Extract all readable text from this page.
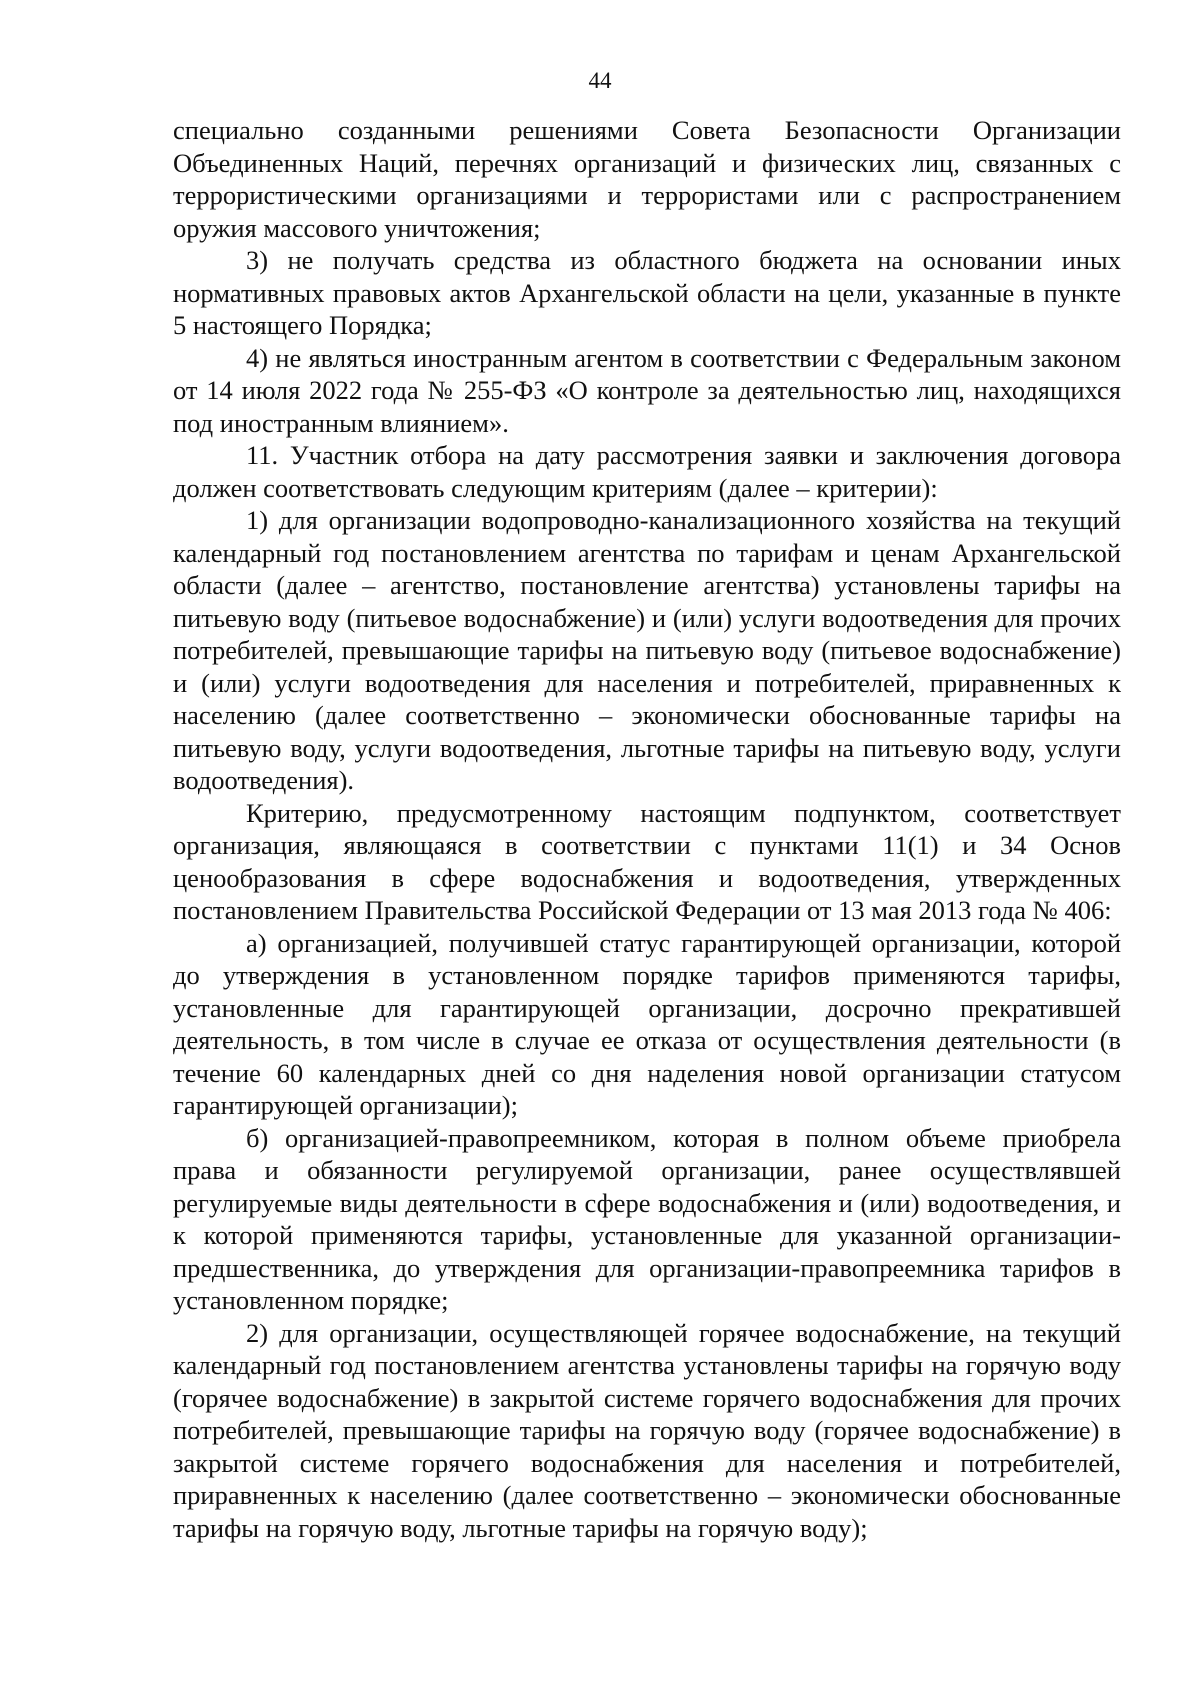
44

специально созданными решениями Совета Безопасности Организации Объединенных Наций, перечнях организаций и физических лиц, связанных с террористическими организациями и террористами или с распространением оружия массового уничтожения;

3) не получать средства из областного бюджета на основании иных нормативных правовых актов Архангельской области на цели, указанные в пункте 5 настоящего Порядка;

4) не являться иностранным агентом в соответствии с Федеральным законом от 14 июля 2022 года № 255-ФЗ «О контроле за деятельностью лиц, находящихся под иностранным влиянием».

11. Участник отбора на дату рассмотрения заявки и заключения договора должен соответствовать следующим критериям (далее – критерии):

1) для организации водопроводно-канализационного хозяйства на текущий календарный год постановлением агентства по тарифам и ценам Архангельской области (далее – агентство, постановление агентства) установлены тарифы на питьевую воду (питьевое водоснабжение) и (или) услуги водоотведения для прочих потребителей, превышающие тарифы на питьевую воду (питьевое водоснабжение) и (или) услуги водоотведения для населения и потребителей, приравненных к населению (далее соответственно – экономически обоснованные тарифы на питьевую воду, услуги водоотведения, льготные тарифы на питьевую воду, услуги водоотведения).

Критерию, предусмотренному настоящим подпунктом, соответствует организация, являющаяся в соответствии с пунктами 11(1) и 34 Основ ценообразования в сфере водоснабжения и водоотведения, утвержденных постановлением Правительства Российской Федерации от 13 мая 2013 года № 406:

а) организацией, получившей статус гарантирующей организации, которой до утверждения в установленном порядке тарифов применяются тарифы, установленные для гарантирующей организации, досрочно прекратившей деятельность, в том числе в случае ее отказа от осуществления деятельности (в течение 60 календарных дней со дня наделения новой организации статусом гарантирующей организации);

б) организацией-правопреемником, которая в полном объеме приобрела права и обязанности регулируемой организации, ранее осуществлявшей регулируемые виды деятельности в сфере водоснабжения и (или) водоотведения, и к которой применяются тарифы, установленные для указанной организации-предшественника, до утверждения для организации-правопреемника тарифов в установленном порядке;

2) для организации, осуществляющей горячее водоснабжение, на текущий календарный год постановлением агентства установлены тарифы на горячую воду (горячее водоснабжение) в закрытой системе горячего водоснабжения для прочих потребителей, превышающие тарифы на горячую воду (горячее водоснабжение) в закрытой системе горячего водоснабжения для населения и потребителей, приравненных к населению (далее соответственно – экономически обоснованные тарифы на горячую воду, льготные тарифы на горячую воду);
